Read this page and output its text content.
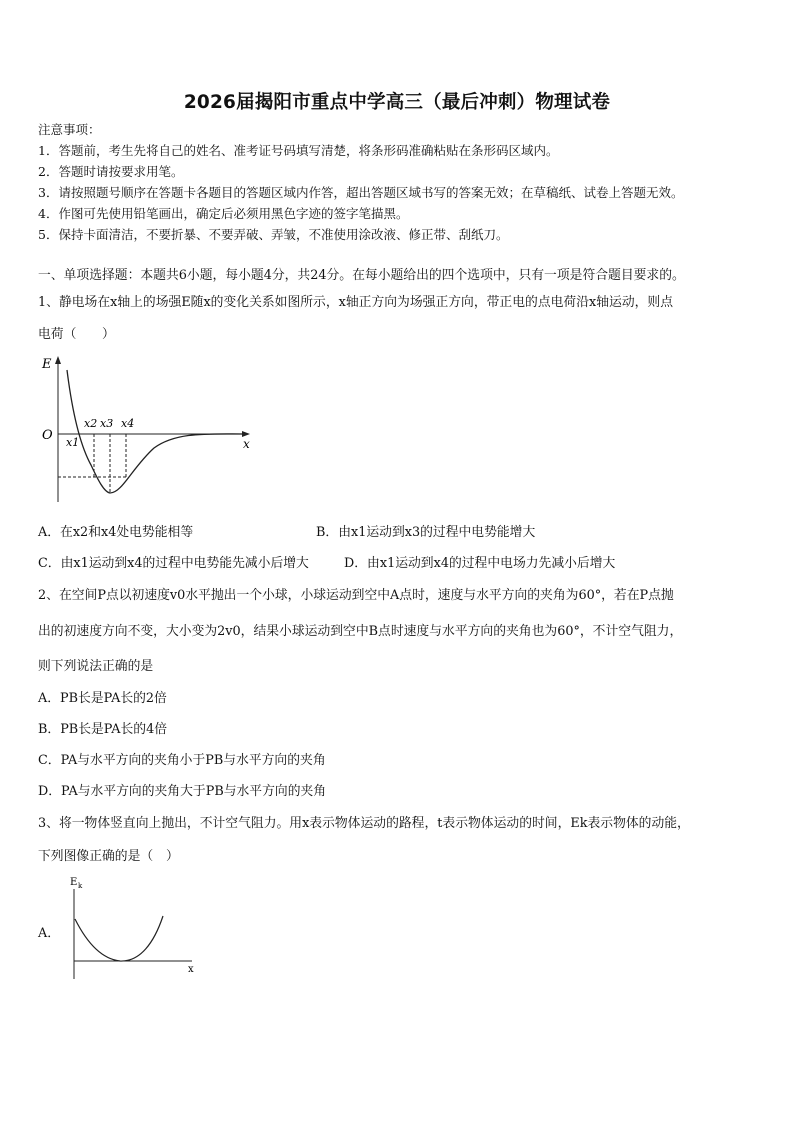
2026届揭阳市重点中学高三（最后冲刺）物理试卷
注意事项：
1．答题前，考生先将自己的姓名、准考证号码填写清楚，将条形码准确粘贴在条形码区域内。
2．答题时请按要求用笔。
3．请按照题号顺序在答题卡各题目的答题区域内作答，超出答题区域书写的答案无效；在草稿纸、试卷上答题无效。
4．作图可先使用铅笔画出，确定后必须用黑色字迹的签字笔描黑。
5．保持卡面清洁，不要折暴、不要弄破、弄皱，不准使用涂改液、修正带、刮纸刀。
一、单项选择题：本题共6小题，每小题4分，共24分。在每小题给出的四个选项中，只有一项是符合题目要求的。
1、静电场在x轴上的场强E随x的变化关系如图所示，x轴正方向为场强正方向，带正电的点电荷沿x轴运动，则点
电荷（　　）
E
O
x
x1
x2 x3 x4
A．在x2和x4处电势能相等	B．由x1运动到x3的过程中电势能增大
C．由x1运动到x4的过程中电势能先减小后增大	D．由x1运动到x4的过程中电场力先减小后增大
2、在空间P点以初速度v0水平抛出一个小球，小球运动到空中A点时，速度与水平方向的夹角为60°，若在P点抛
出的初速度方向不变，大小变为2v0，结果小球运动到空中B点时速度与水平方向的夹角也为60°，不计空气阻力，
则下列说法正确的是
A．PB长是PA长的2倍
B．PB长是PA长的4倍
C．PA与水平方向的夹角小于PB与水平方向的夹角
D．PA与水平方向的夹角大于PB与水平方向的夹角
3、将一物体竖直向上抛出，不计空气阻力。用x表示物体运动的路程，t表示物体运动的时间，Ek表示物体的动能，
下列图像正确的是（　）
A．
E k
x
